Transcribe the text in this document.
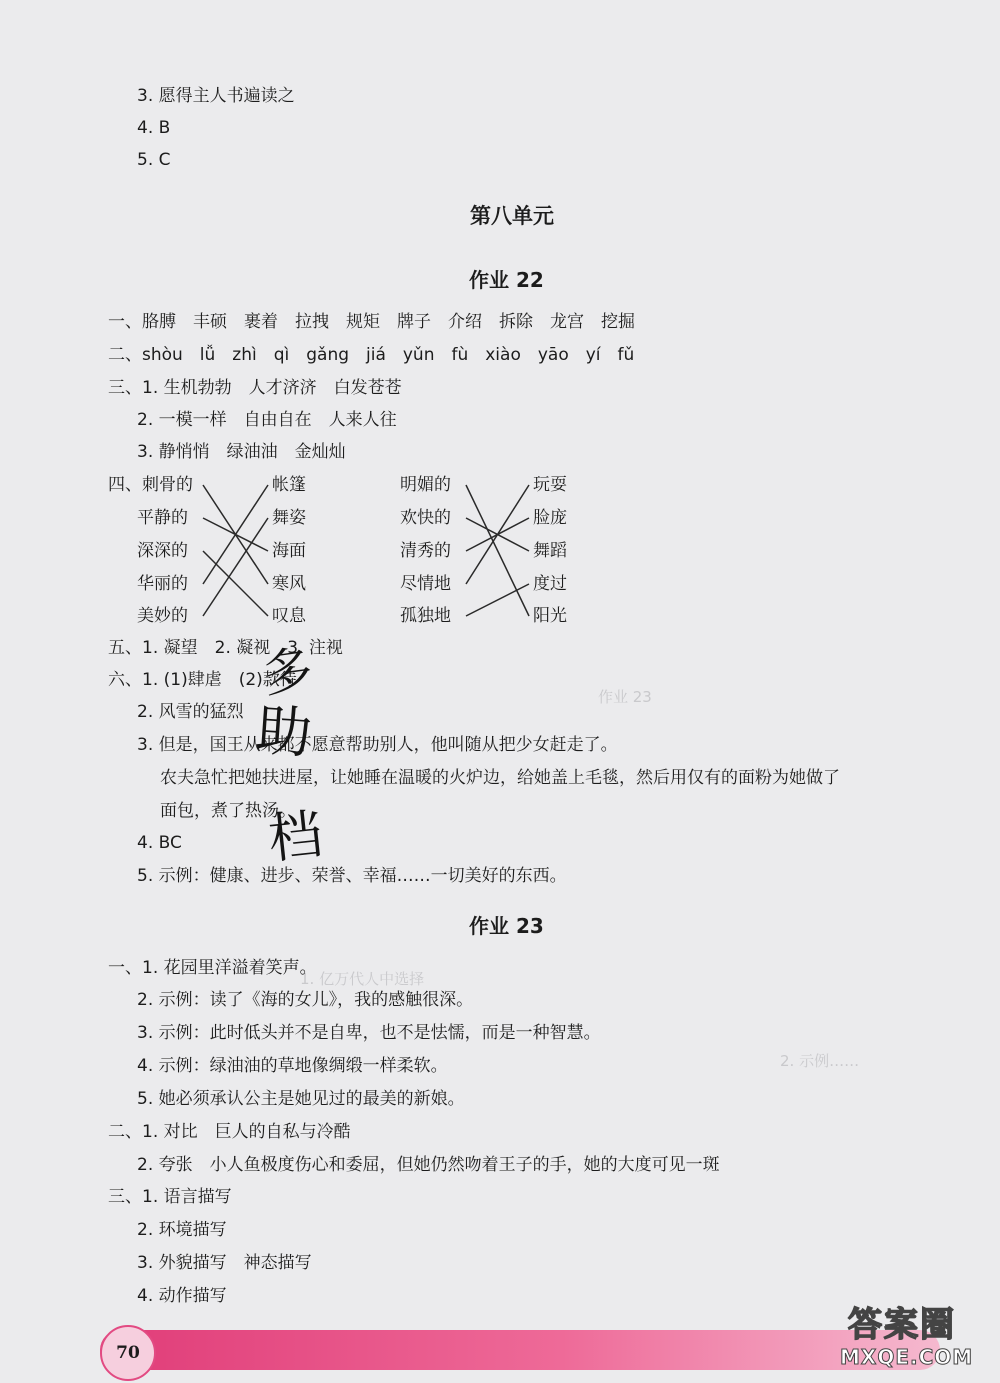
作业 23
1. 亿万代人中选择
2. 示例……
3. 愿得主人书遍读之
4. B
5. C
第八单元
作业 22
一、胳膊　丰硕　裹着　拉拽　规矩　牌子　介绍　拆除　龙宫　挖掘
二、shòu　lǚ　zhì　qì　gǎng　jiá　yǔn　fù　xiào　yāo　yí　fǔ
三、1. 生机勃勃　人才济济　白发苍苍
2. 一模一样　自由自在　人来人往
3. 静悄悄　绿油油　金灿灿
四、刺骨的
平静的
深深的
华丽的
美妙的
帐篷
舞姿
海面
寒风
叹息
明媚的
欢快的
清秀的
尽情地
孤独地
玩耍
脸庞
舞蹈
度过
阳光
五、1. 凝望　2. 凝视　3. 注视
六、1. (1)肆虐　(2)款待
2. 风雪的猛烈
3. 但是，国王从来都不愿意帮助别人，他叫随从把少女赶走了。
农夫急忙把她扶进屋，让她睡在温暖的火炉边，给她盖上毛毯，然后用仅有的面粉为她做了
面包，煮了热汤。
4. BC
5. 示例：健康、进步、荣誉、幸福……一切美好的东西。
多
助
档
作业 23
一、1. 花园里洋溢着笑声。
2. 示例：读了《海的女儿》，我的感触很深。
3. 示例：此时低头并不是自卑，也不是怯懦，而是一种智慧。
4. 示例：绿油油的草地像绸缎一样柔软。
5. 她必须承认公主是她见过的最美的新娘。
二、1. 对比　巨人的自私与冷酷
2. 夸张　小人鱼极度伤心和委屈，但她仍然吻着王子的手，她的大度可见一斑
三、1. 语言描写
2. 环境描写
3. 外貌描写　神态描写
4. 动作描写
70
答案圈
MXQE.COM
